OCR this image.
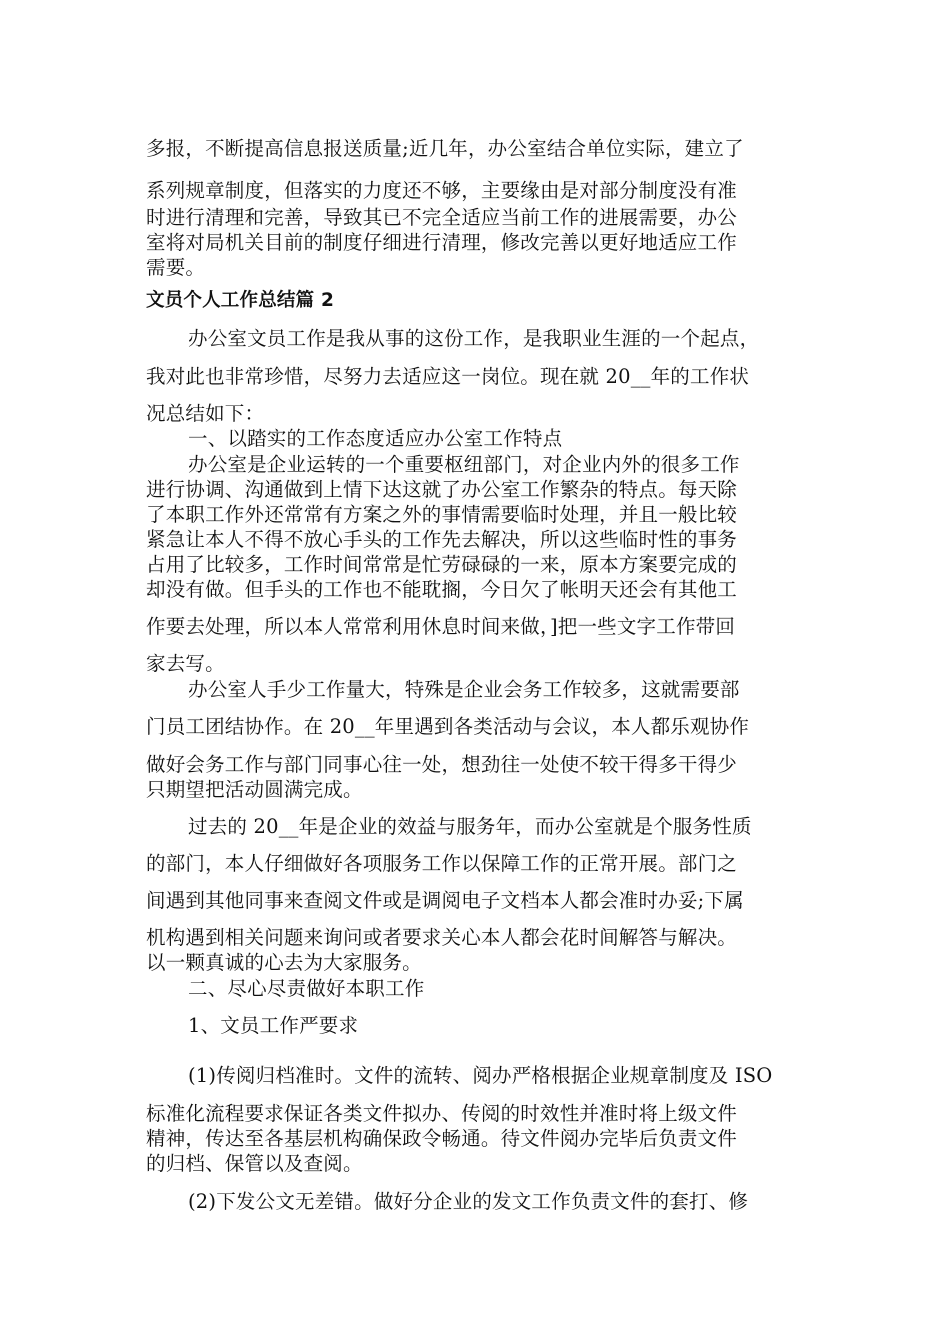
多报，不断提高信息报送质量;近几年，办公室结合单位实际，建立了
系列规章制度，但落实的力度还不够，主要缘由是对部分制度没有准
时进行清理和完善，导致其已不完全适应当前工作的进展需要，办公
室将对局机关目前的制度仔细进行清理，修改完善以更好地适应工作
需要。
文员个人工作总结篇 2
办公室文员工作是我从事的这份工作，是我职业生涯的一个起点，
我对此也非常珍惜，尽努力去适应这一岗位。现在就 20__年的工作状
况总结如下：
一、以踏实的工作态度适应办公室工作特点
办公室是企业运转的一个重要枢纽部门，对企业内外的很多工作
进行协调、沟通做到上情下达这就了办公室工作繁杂的特点。每天除
了本职工作外还常常有方案之外的事情需要临时处理，并且一般比较
紧急让本人不得不放心手头的工作先去解决，所以这些临时性的事务
占用了比较多，工作时间常常是忙劳碌碌的一来，原本方案要完成的
却没有做。但手头的工作也不能耽搁，今日欠了帐明天还会有其他工
作要去处理，所以本人常常利用休息时间来做，]把一些文字工作带回
家去写。
办公室人手少工作量大，特殊是企业会务工作较多，这就需要部
门员工团结协作。在 20__年里遇到各类活动与会议，本人都乐观协作
做好会务工作与部门同事心往一处，想劲往一处使不较干得多干得少
只期望把活动圆满完成。
过去的 20__年是企业的效益与服务年，而办公室就是个服务性质
的部门，本人仔细做好各项服务工作以保障工作的正常开展。部门之
间遇到其他同事来查阅文件或是调阅电子文档本人都会准时办妥;下属
机构遇到相关问题来询问或者要求关心本人都会花时间解答与解决。
以一颗真诚的心去为大家服务。
二、尽心尽责做好本职工作
1、文员工作严要求
(1)传阅归档准时。文件的流转、阅办严格根据企业规章制度及 ISO
标准化流程要求保证各类文件拟办、传阅的时效性并准时将上级文件
精神，传达至各基层机构确保政令畅通。待文件阅办完毕后负责文件
的归档、保管以及查阅。
(2)下发公文无差错。做好分企业的发文工作负责文件的套打、修
